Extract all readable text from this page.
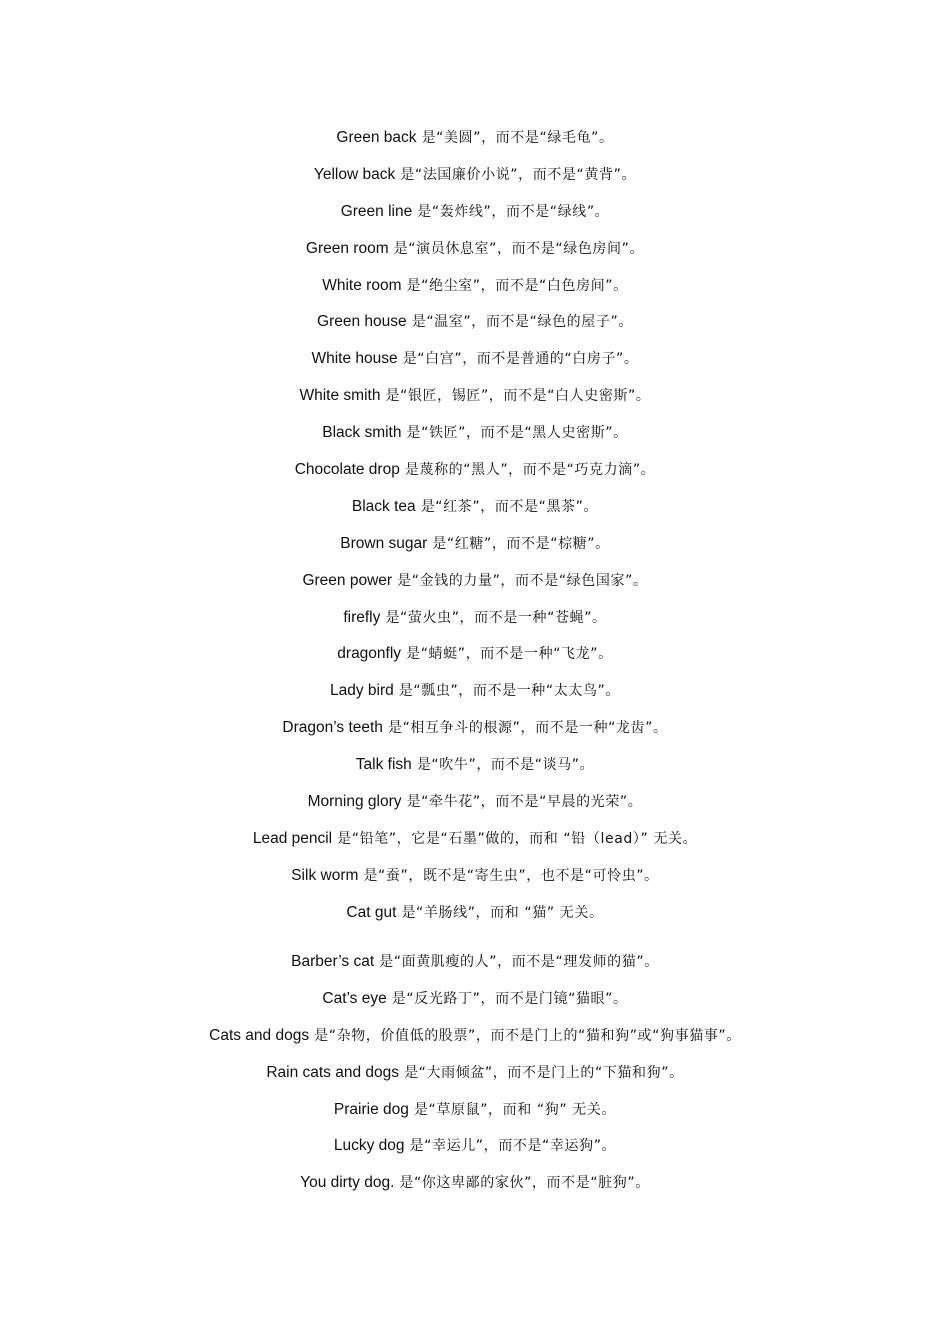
Green back 是“美圆”，而不是“绿毛龟”。
Yellow back 是“法国廉价小说”，而不是“黄背”。
Green line 是“轰炸线”，而不是“绿线”。
Green room 是“演员休息室”，而不是“绿色房间”。
White room 是“绝尘室”，而不是“白色房间”。
Green house 是“温室”，而不是“绿色的屋子”。
White house 是“白宫”，而不是普通的“白房子”。
White smith 是“银匠，锡匠”，而不是“白人史密斯”。
Black smith 是“铁匠”，而不是“黑人史密斯”。
Chocolate drop 是蔑称的“黑人”，而不是“巧克力滴”。
Black tea 是“红茶”，而不是“黑茶”。
Brown sugar 是“红糖”，而不是“棕糖”。
Green power 是“金钱的力量”，而不是“绿色国家”。
firefly 是“萤火虫”，而不是一种“苍蝇”。
dragonfly 是“蜻蜓”，而不是一种“飞龙”。
Lady bird 是“瓢虫”，而不是一种“太太鸟”。
Dragon’s teeth 是“相互争斗的根源”，而不是一种“龙齿”。
Talk fish 是“吹牛”，而不是“谈马”。
Morning glory 是“牵牛花”，而不是“早晨的光荣”。
Lead pencil 是“铅笔”，它是“石墨”做的，而和 “铅（lead）” 无关。
Silk worm 是“蚕”，既不是“寄生虫”，也不是“可怜虫”。
Cat gut 是“羊肠线”，而和 “猫” 无关。
Barber’s cat 是“面黄肌瘦的人”，而不是“理发师的猫”。
Cat’s eye 是“反光路丁”，而不是门镜“猫眼”。
Cats and dogs 是“杂物，价值低的股票”，而不是门上的“猫和狗”或“狗事猫事”。
Rain cats and dogs 是“大雨倾盆”，而不是门上的“下猫和狗”。
Prairie dog 是“草原鼠”，而和 “狗” 无关。
Lucky dog 是“幸运儿”，而不是“幸运狗”。
You dirty dog. 是“你这卑鄙的家伙”，而不是“脏狗”。
